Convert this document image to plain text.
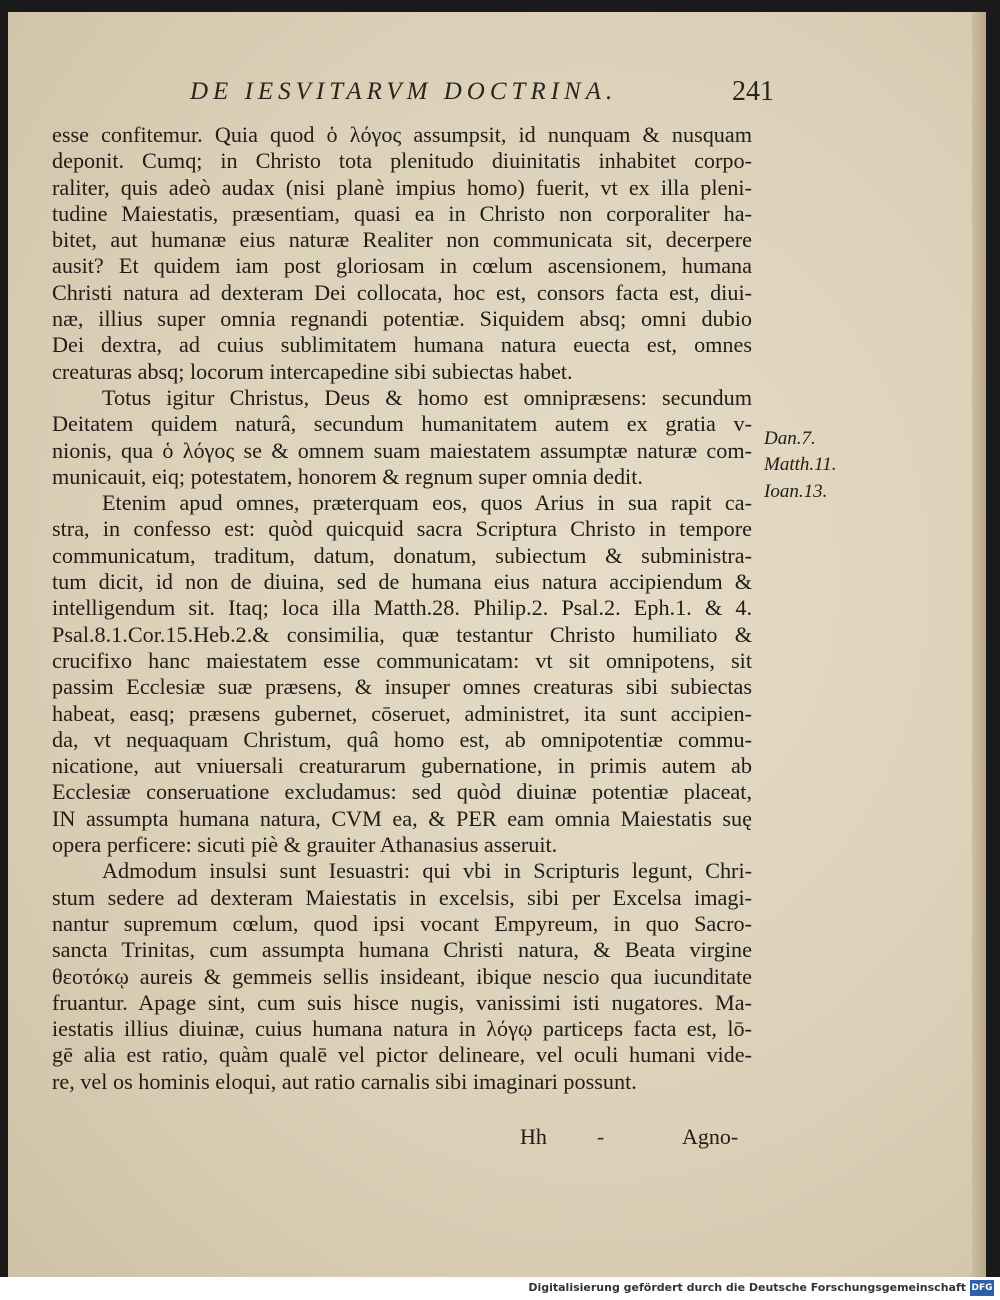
DE IESVITARVM DOCTRINA.	241
esse confitemur. Quia quod ὁ λόγος assumpsit, id nunquam & nusquam
deponit. Cumq; in Christo tota plenitudo diuinitatis inhabitet corpo-
raliter, quis adeò audax (nisi planè impius homo) fuerit, vt ex illa pleni-
tudine Maiestatis, præsentiam, quasi ea in Christo non corporaliter ha-
bitet, aut humanæ eius naturæ Realiter non communicata sit, decerpere
ausit? Et quidem iam post gloriosam in cœlum ascensionem, humana
Christi natura ad dexteram Dei collocata, hoc est, consors facta est, diui-
næ, illius super omnia regnandi potentiæ. Siquidem absq; omni dubio
Dei dextra, ad cuius sublimitatem humana natura euecta est, omnes
creaturas absq; locorum intercapedine sibi subiectas habet.
Totus igitur Christus, Deus & homo est omnipræsens: secundum
Deitatem quidem naturâ, secundum humanitatem autem ex gratia v-
nionis, qua ὁ λόγος se & omnem suam maiestatem assumptæ naturæ com-
municauit, eiq; potestatem, honorem & regnum super omnia dedit.
Etenim apud omnes, præterquam eos, quos Arius in sua rapit ca-
stra, in confesso est: quòd quicquid sacra Scriptura Christo in tempore
communicatum, traditum, datum, donatum, subiectum & subministra-
tum dicit, id non de diuina, sed de humana eius natura accipiendum &
intelligendum sit. Itaq; loca illa Matth.28. Philip.2. Psal.2. Eph.1. & 4.
Psal.8.1.Cor.15.Heb.2.& consimilia, quæ testantur Christo humiliato &
crucifixo hanc maiestatem esse communicatam: vt sit omnipotens, sit
passim Ecclesiæ suæ præsens, & insuper omnes creaturas sibi subiectas
habeat, easq; præsens gubernet, cōseruet, administret, ita sunt accipien-
da, vt nequaquam Christum, quâ homo est, ab omnipotentiæ commu-
nicatione, aut vniuersali creaturarum gubernatione, in primis autem ab
Ecclesiæ conseruatione excludamus: sed quòd diuinæ potentiæ placeat,
IN assumpta humana natura, CVM ea, & PER eam omnia Maiestatis suę
opera perficere: sicuti piè & grauiter Athanasius asseruit.
Admodum insulsi sunt Iesuastri: qui vbi in Scripturis legunt, Chri-
stum sedere ad dexteram Maiestatis in excelsis, sibi per Excelsa imagi-
nantur supremum cœlum, quod ipsi vocant Empyreum, in quo Sacro-
sancta Trinitas, cum assumpta humana Christi natura, & Beata virgine
θεοτόκῳ aureis & gemmeis sellis insideant, ibique nescio qua iucunditate
fruantur. Apage sint, cum suis hisce nugis, vanissimi isti nugatores. Ma-
iestatis illius diuinæ, cuius humana natura in λόγῳ particeps facta est, lō-
gē alia est ratio, quàm qualē vel pictor delineare, vel oculi humani vide-
re, vel os hominis eloqui, aut ratio carnalis sibi imaginari possunt.
Dan.7.
Matth.11.
Ioan.13.
Hh -	Agno-
Digitalisierung gefördert durch die Deutsche Forschungsgemeinschaft DFG
